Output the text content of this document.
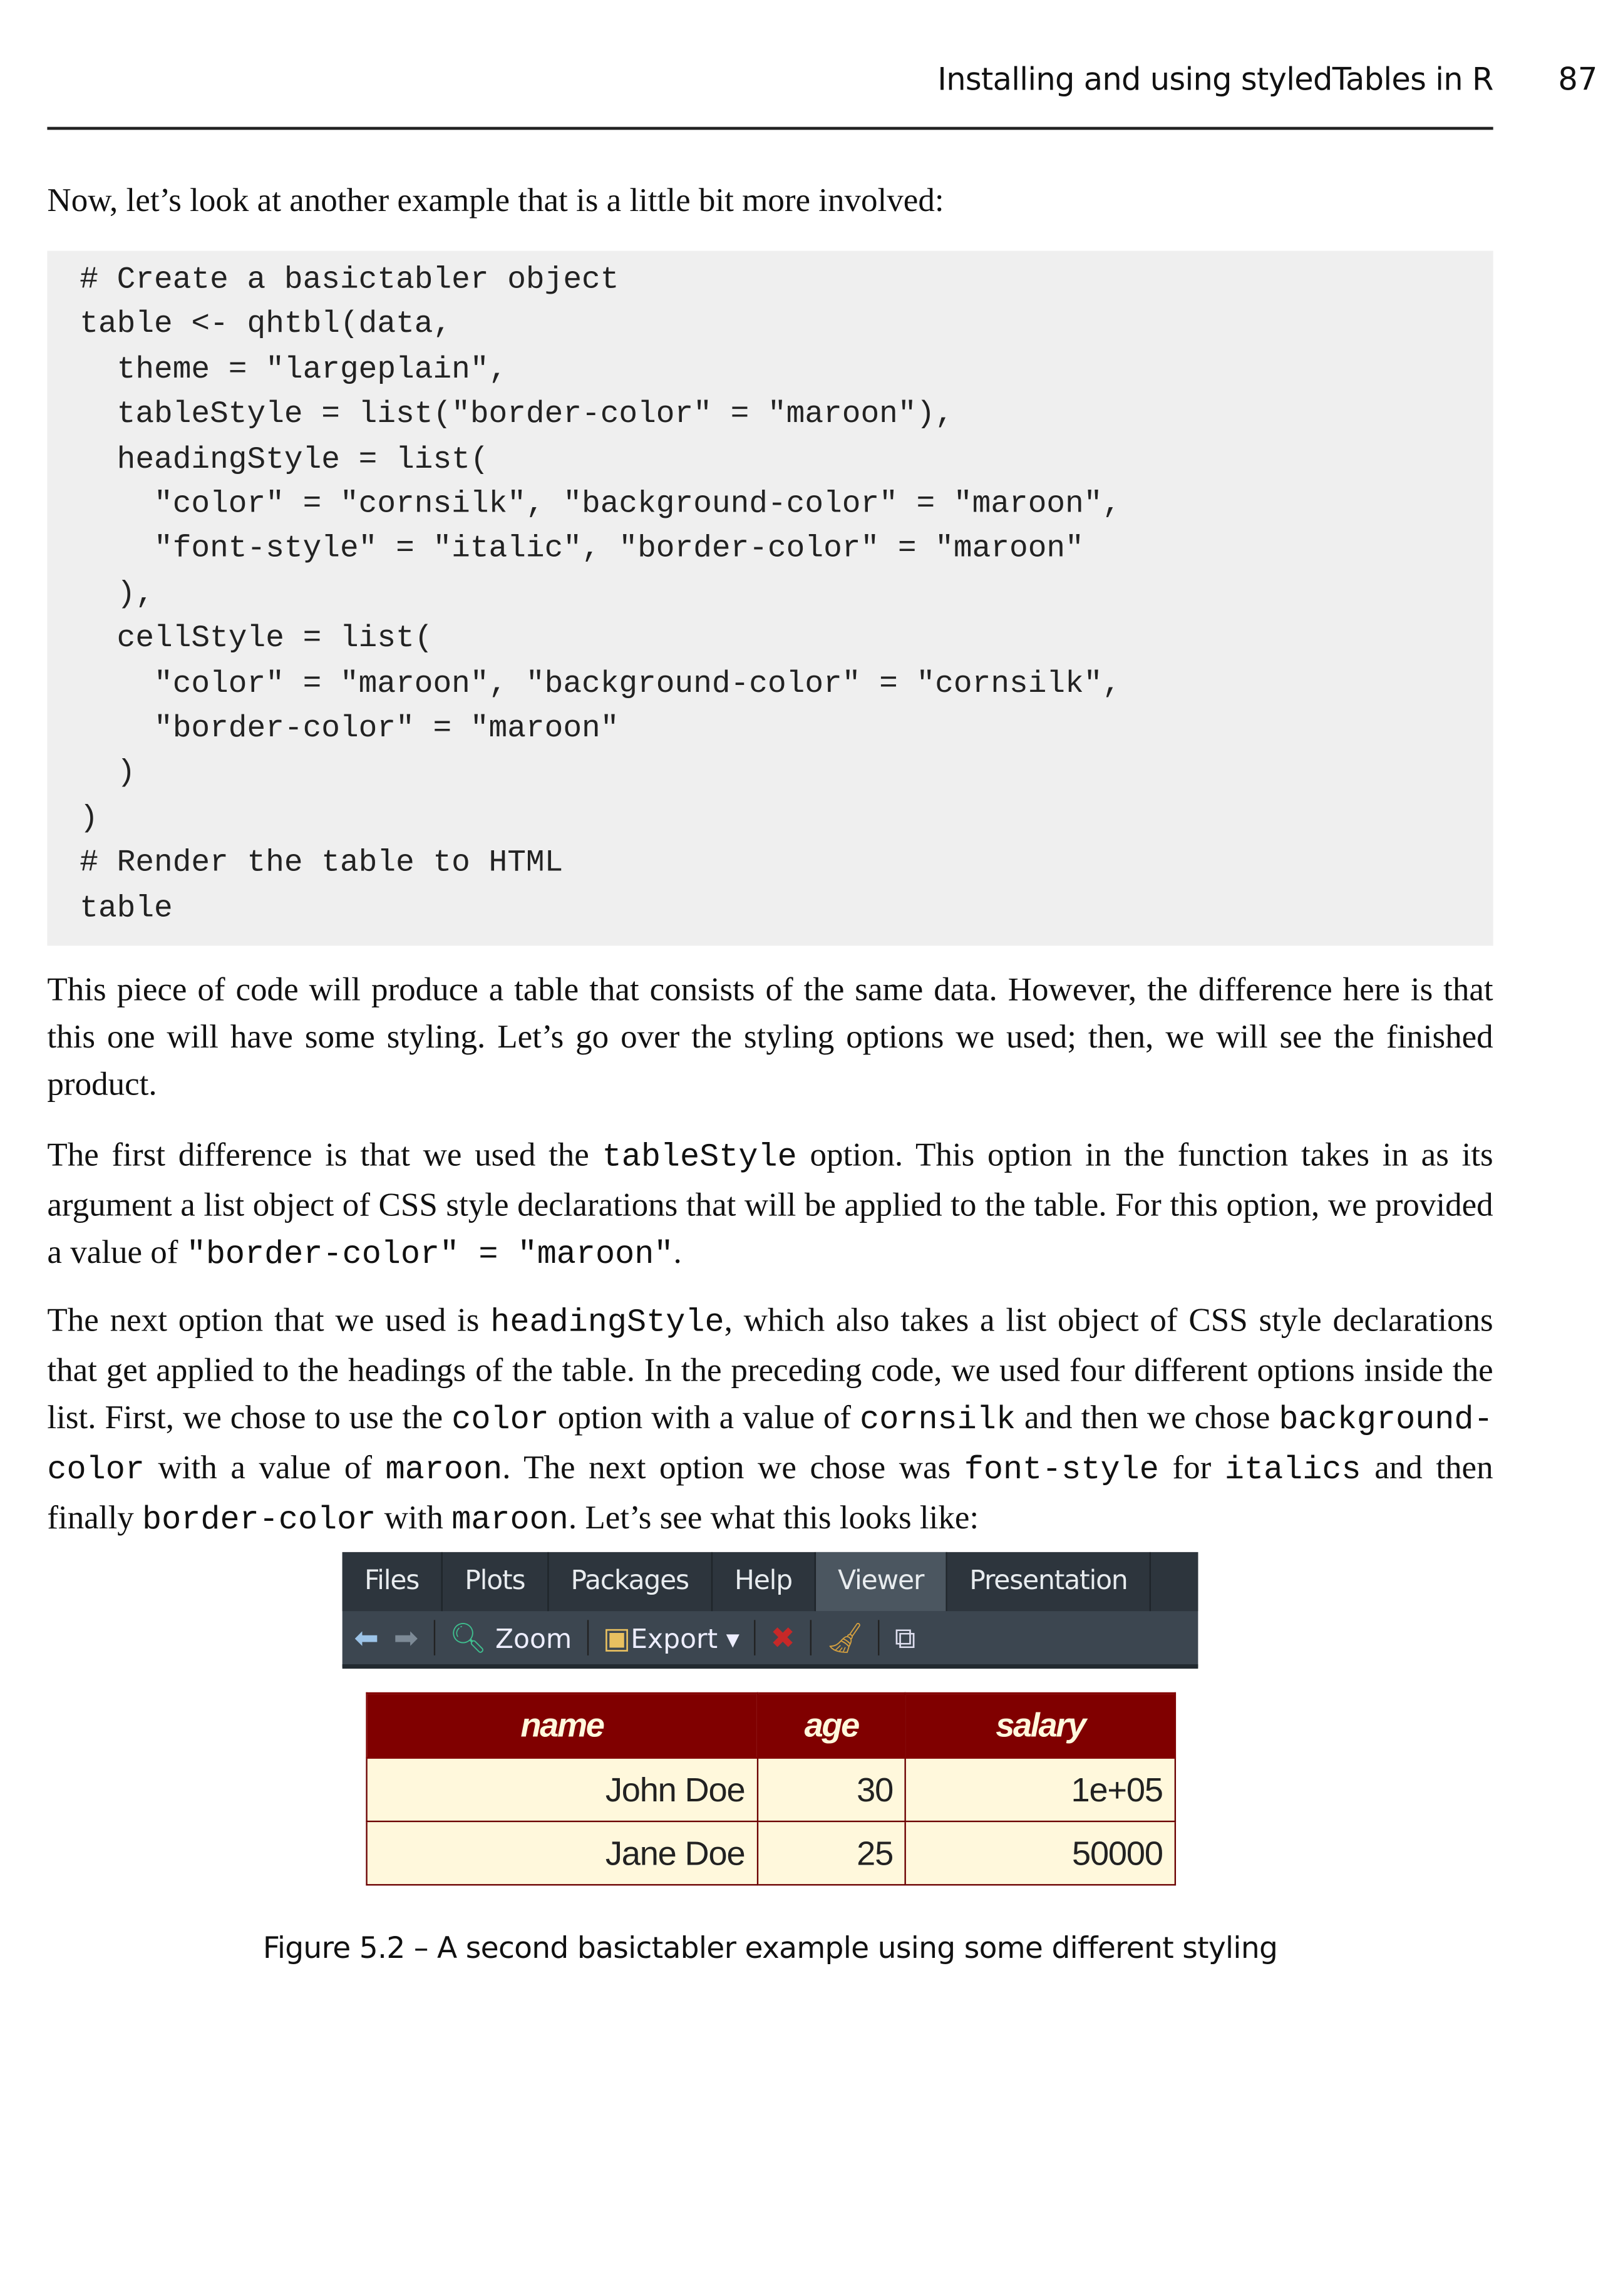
Installing and using styledTables in R	87
Now, let’s look at another example that is a little bit more involved:
# Create a basictabler object
table <- qhtbl(data,
theme = "largeplain",
tableStyle = list("border-color" = "maroon"),
headingStyle = list(
"color" = "cornsilk", "background-color" = "maroon",
"font-style" = "italic", "border-color" = "maroon"
),
cellStyle = list(
"color" = "maroon", "background-color" = "cornsilk",
"border-color" = "maroon"
)
)
# Render the table to HTML
table
This piece of code will produce a table that consists of the same data. However, the difference here is that this one will have some styling. Let’s go over the styling options we used; then, we will see the finished product.
The first difference is that we used the tableStyle option. This option in the function takes in as its argument a list object of CSS style declarations that will be applied to the table. For this option, we provided a value of "border-color" = "maroon".
The next option that we used is headingStyle, which also takes a list object of CSS style declarations that get applied to the headings of the table. In the preceding code, we used four different options inside the list. First, we chose to use the color option with a value of cornsilk and then we chose background-color with a value of maroon. The next option we chose was font-style for italics and then finally border-color with maroon. Let’s see what this looks like:
Files	Plots	Packages	Help	Viewer	Presentation
⬅ ➡ 🔍︎ Zoom ▣Export ▾ ✖ 🧹︎ ⧉
name	age	salary
John Doe	30	1e+05
Jane Doe	25	50000
Figure 5.2 – A second basictabler example using some different styling
